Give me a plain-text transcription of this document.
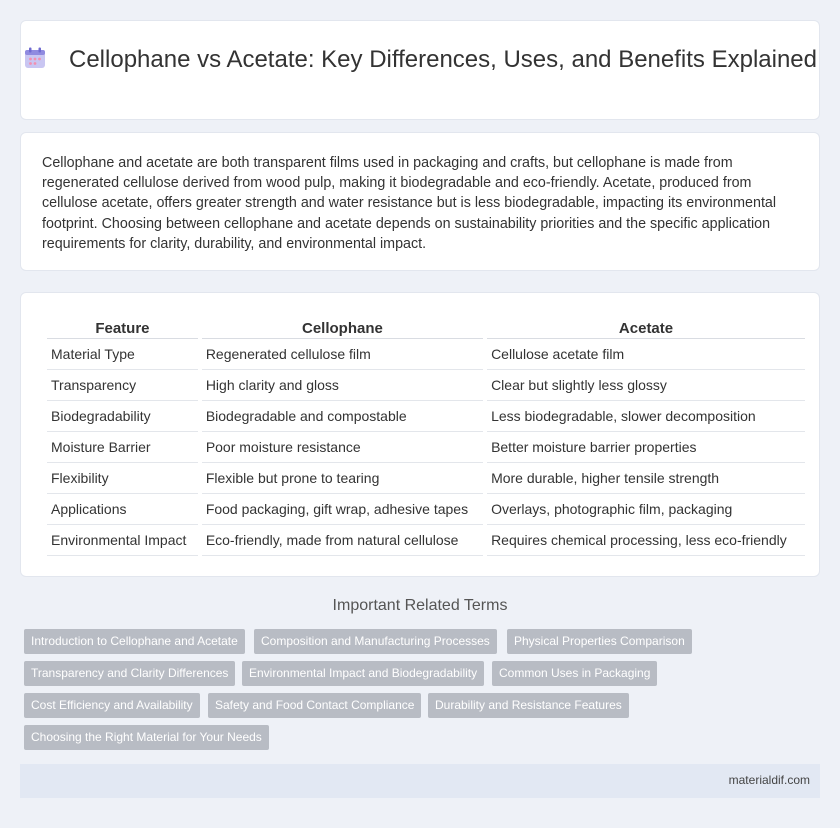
Cellophane vs Acetate: Key Differences, Uses, and Benefits Explained

Cellophane and acetate are both transparent films used in packaging and crafts, but cellophane is made from regenerated cellulose derived from wood pulp, making it biodegradable and eco-friendly. Acetate, produced from cellulose acetate, offers greater strength and water resistance but is less biodegradable, impacting its environmental footprint. Choosing between cellophane and acetate depends on sustainability priorities and the specific application requirements for clarity, durability, and environmental impact.

Feature	Cellophane	Acetate
Material Type	Regenerated cellulose film	Cellulose acetate film
Transparency	High clarity and gloss	Clear but slightly less glossy
Biodegradability	Biodegradable and compostable	Less biodegradable, slower decomposition
Moisture Barrier	Poor moisture resistance	Better moisture barrier properties
Flexibility	Flexible but prone to tearing	More durable, higher tensile strength
Applications	Food packaging, gift wrap, adhesive tapes	Overlays, photographic film, packaging
Environmental Impact	Eco-friendly, made from natural cellulose	Requires chemical processing, less eco-friendly
Important Related Terms
Introduction to Cellophane and Acetate	Composition and Manufacturing Processes	Physical Properties Comparison
Transparency and Clarity Differences	Environmental Impact and Biodegradability	Common Uses in Packaging
Cost Efficiency and Availability	Safety and Food Contact Compliance	Durability and Resistance Features
Choosing the Right Material for Your Needs
materialdif.com
